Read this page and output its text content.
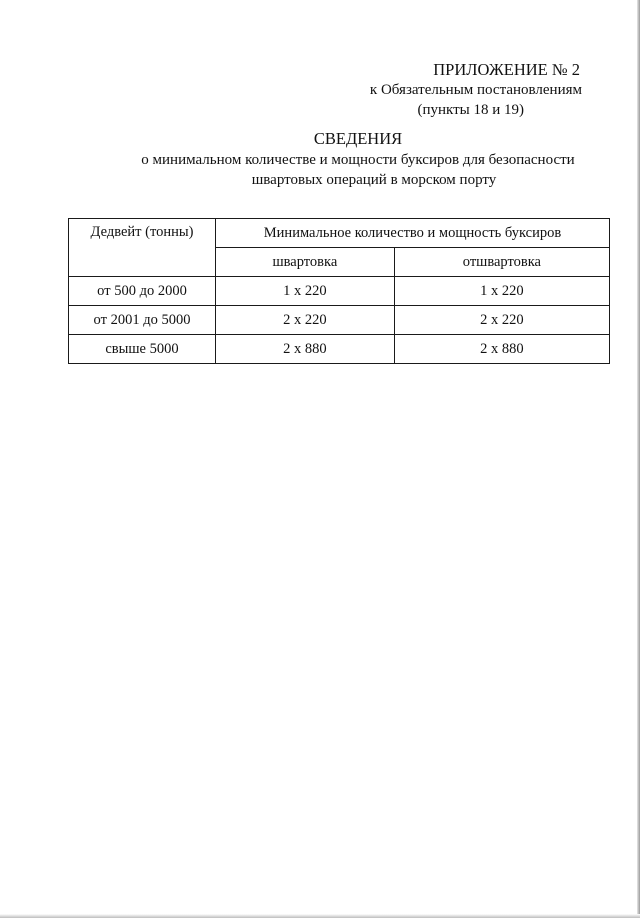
ПРИЛОЖЕНИЕ № 2
к Обязательным постановлениям
(пункты 18 и 19)
СВЕДЕНИЯ
о минимальном количестве и мощности буксиров для безопасности
швартовых операций в морском порту
Дедвейт (тонны)	Минимальное количество и мощность буксиров	
	швартовка	отшвартовка
от 500 до 2000	1 х 220	1 х 220
от 2001 до 5000	2 х 220	2 х 220
свыше 5000	2 х 880	2 х 880
